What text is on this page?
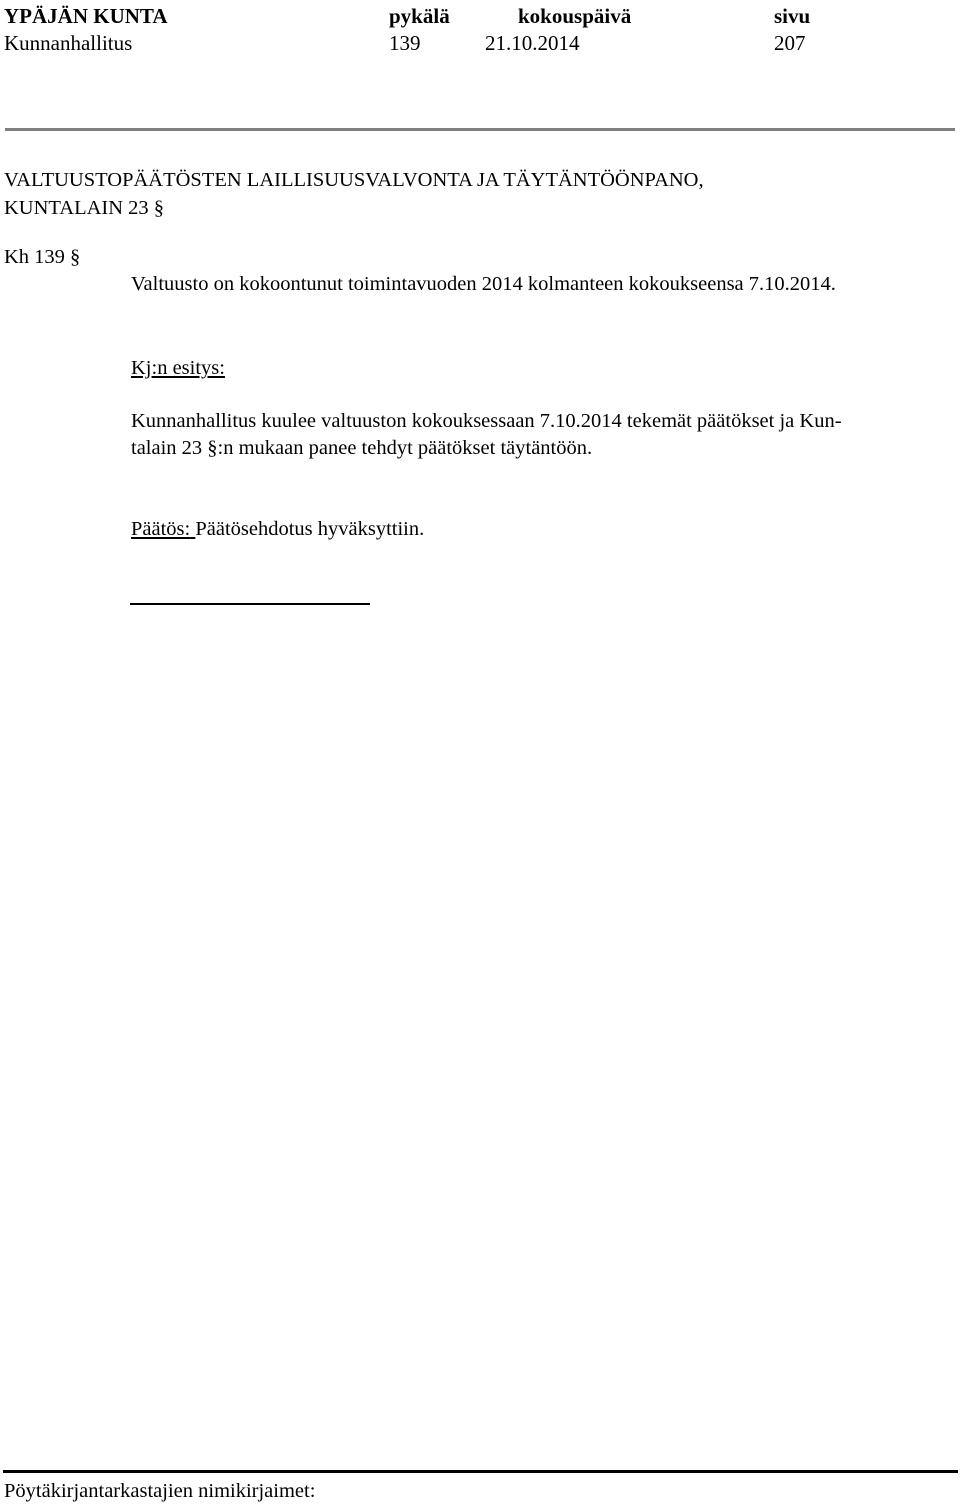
YPÄJÄN KUNTA	pykälä	kokouspäivä	sivu
Kunnanhallitus	139	21.10.2014	207
VALTUUSTOPÄÄTÖSTEN LAILLISUUSVALVONTA JA TÄYTÄNTÖÖNPANO,
KUNTALAIN 23 §
Kh 139 §
Valtuusto on kokoontunut toimintavuoden 2014 kolmanteen kokoukseensa 7.10.2014.
Kj:n esitys:
Kunnanhallitus kuulee valtuuston kokouksessaan 7.10.2014 tekemät päätökset ja Kun-
talain 23 §:n mukaan panee tehdyt päätökset täytäntöön.
Päätös: Päätösehdotus hyväksyttiin.
Pöytäkirjantarkastajien nimikirjaimet:
